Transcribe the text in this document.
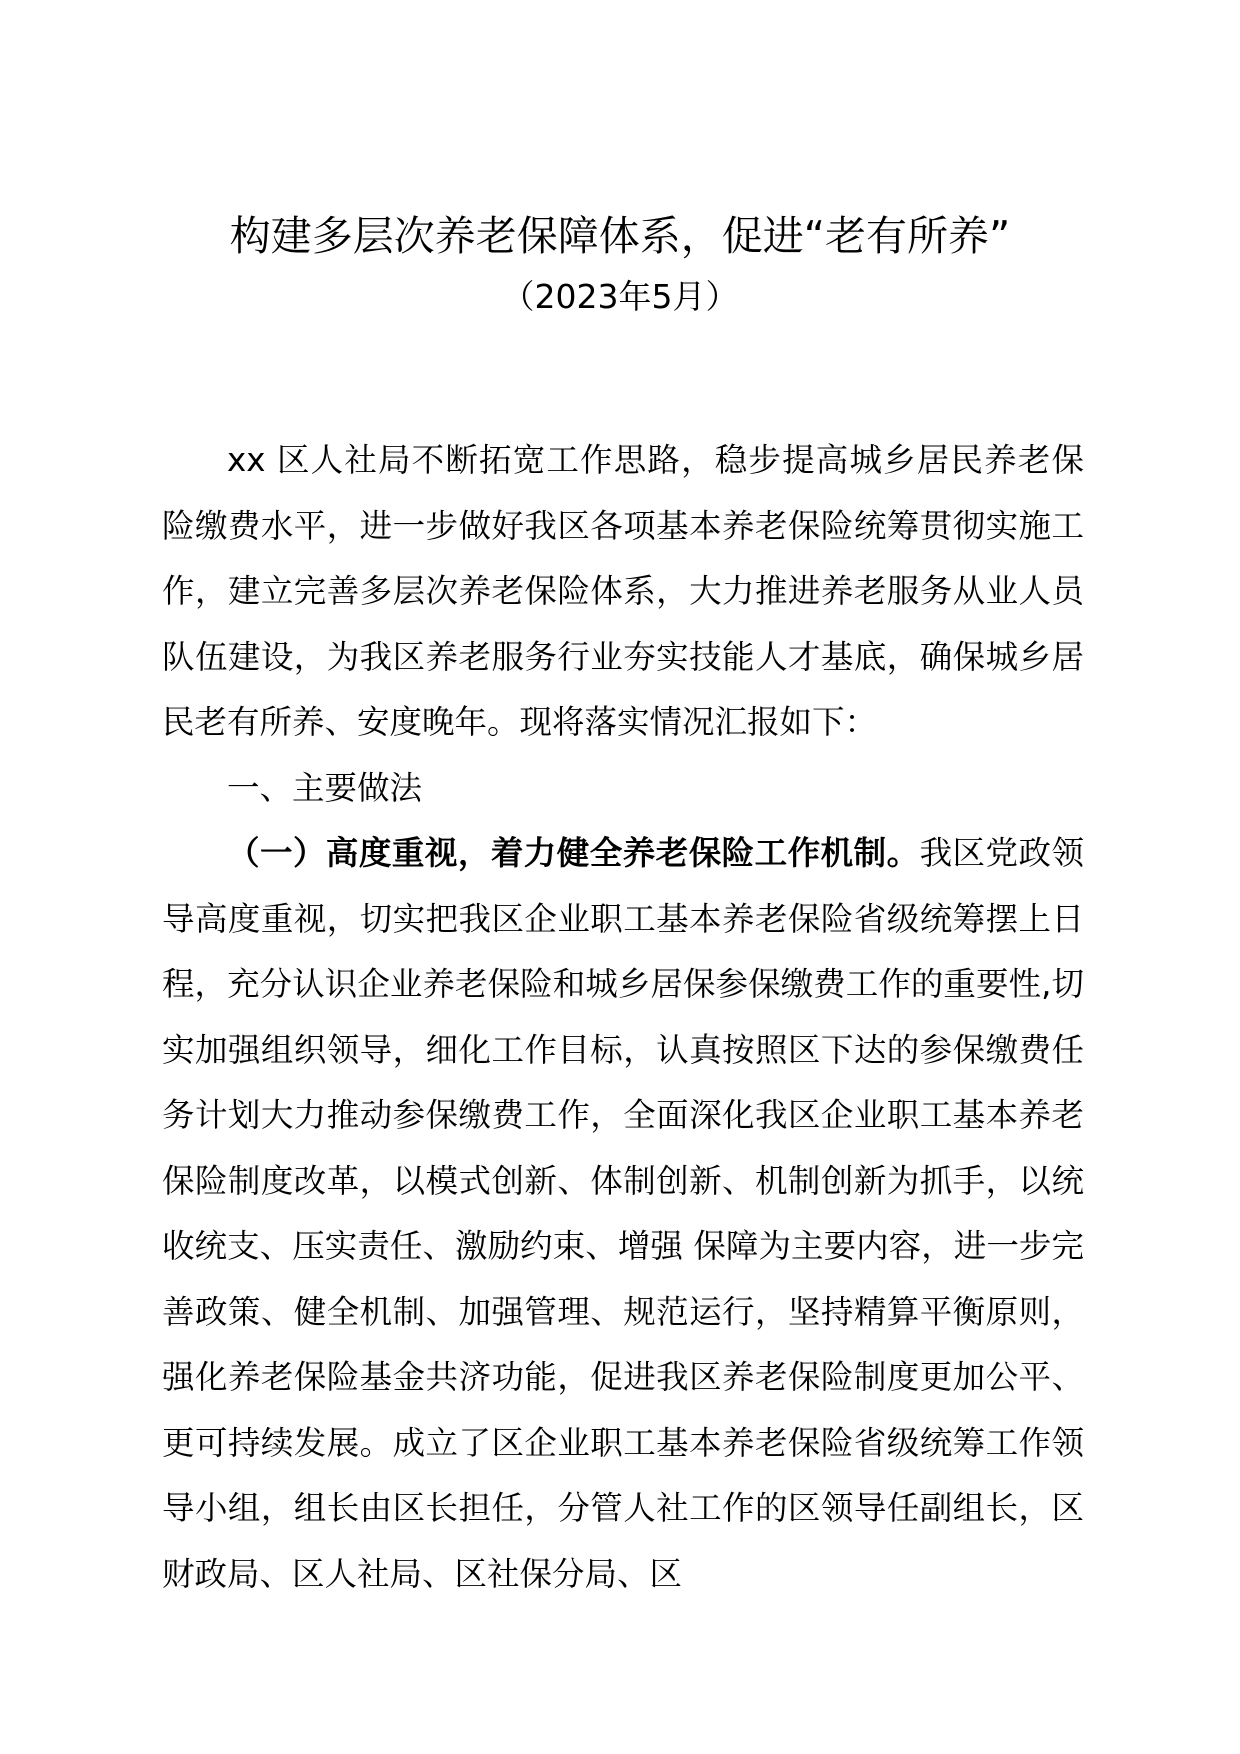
构建多层次养老保障体系，促进“老有所养”
（2023年5月）

xx 区人社局不断拓宽工作思路，稳步提高城乡居民养老保险缴费水平，进一步做好我区各项基本养老保险统筹贯彻实施工作，建立完善多层次养老保险体系，大力推进养老服务从业人员队伍建设，为我区养老服务行业夯实技能人才基底，确保城乡居民老有所养、安度晚年。现将落实情况汇报如下：

一、主要做法

（一）高度重视，着力健全养老保险工作机制。我区党政领导高度重视，切实把我区企业职工基本养老保险省级统筹摆上日程，充分认识企业养老保险和城乡居保参保缴费工作的重要性,切实加强组织领导，细化工作目标，认真按照区下达的参保缴费任务计划大力推动参保缴费工作，全面深化我区企业职工基本养老保险制度改革，以模式创新、体制创新、机制创新为抓手，以统收统支、压实责任、激励约束、增强 保障为主要内容，进一步完善政策、健全机制、加强管理、规范运行，坚持精算平衡原则，强化养老保险基金共济功能，促进我区养老保险制度更加公平、更可持续发展。成立了区企业职工基本养老保险省级统筹工作领导小组，组长由区长担任，分管人社工作的区领导任副组长，区财政局、区人社局、区社保分局、区
